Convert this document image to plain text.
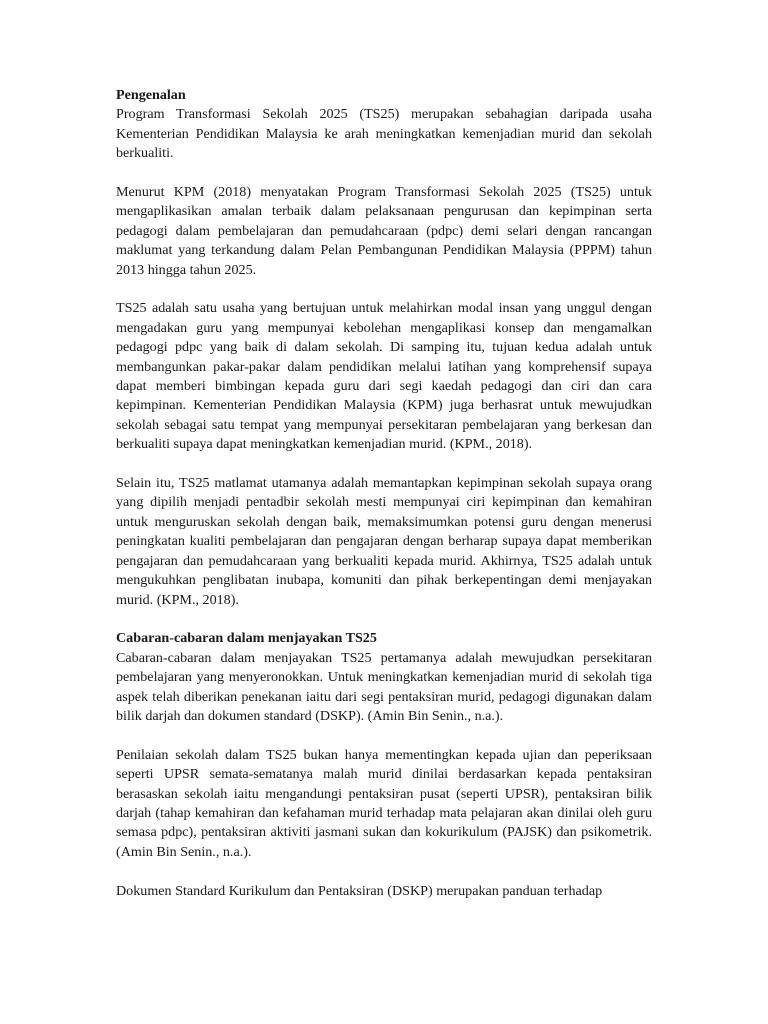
Pengenalan

Program Transformasi Sekolah 2025 (TS25) merupakan sebahagian daripada usaha Kementerian Pendidikan Malaysia ke arah meningkatkan kemenjadian murid dan sekolah berkualiti.

Menurut KPM (2018) menyatakan Program Transformasi Sekolah 2025 (TS25) untuk mengaplikasikan amalan terbaik dalam pelaksanaan pengurusan dan kepimpinan serta pedagogi dalam pembelajaran dan pemudahcaraan (pdpc) demi selari dengan rancangan maklumat yang terkandung dalam Pelan Pembangunan Pendidikan Malaysia (PPPM) tahun 2013 hingga tahun 2025.

TS25 adalah satu usaha yang bertujuan untuk melahirkan modal insan yang unggul dengan mengadakan guru yang mempunyai kebolehan mengaplikasi konsep dan mengamalkan pedagogi pdpc yang baik di dalam sekolah. Di samping itu, tujuan kedua adalah untuk membangunkan pakar-pakar dalam pendidikan melalui latihan yang komprehensif supaya dapat memberi bimbingan kepada guru dari segi kaedah pedagogi dan ciri dan cara kepimpinan. Kementerian Pendidikan Malaysia (KPM) juga berhasrat untuk mewujudkan sekolah sebagai satu tempat yang mempunyai persekitaran pembelajaran yang berkesan dan berkualiti supaya dapat meningkatkan kemenjadian murid. (KPM., 2018).

Selain itu, TS25 matlamat utamanya adalah memantapkan kepimpinan sekolah supaya orang yang dipilih menjadi pentadbir sekolah mesti mempunyai ciri kepimpinan dan kemahiran untuk menguruskan sekolah dengan baik, memaksimumkan potensi guru dengan menerusi peningkatan kualiti pembelajaran dan pengajaran dengan berharap supaya dapat memberikan pengajaran dan pemudahcaraan yang berkualiti kepada murid. Akhirnya, TS25 adalah untuk mengukuhkan penglibatan inubapa, komuniti dan pihak berkepentingan demi menjayakan murid. (KPM., 2018).

Cabaran-cabaran dalam menjayakan TS25

Cabaran-cabaran dalam menjayakan TS25 pertamanya adalah mewujudkan persekitaran pembelajaran yang menyeronokkan. Untuk meningkatkan kemenjadian murid di sekolah tiga aspek telah diberikan penekanan iaitu dari segi pentaksiran murid, pedagogi digunakan dalam bilik darjah dan dokumen standard (DSKP). (Amin Bin Senin., n.a.).

Penilaian sekolah dalam TS25 bukan hanya mementingkan kepada ujian dan peperiksaan seperti UPSR semata-sematanya malah murid dinilai berdasarkan kepada pentaksiran berasaskan sekolah iaitu mengandungi pentaksiran pusat (seperti UPSR), pentaksiran bilik darjah (tahap kemahiran dan kefahaman murid terhadap mata pelajaran akan dinilai oleh guru semasa pdpc), pentaksiran aktiviti jasmani sukan dan kokurikulum (PAJSK) dan psikometrik. (Amin Bin Senin., n.a.).

Dokumen Standard Kurikulum dan Pentaksiran (DSKP) merupakan panduan terhadap
